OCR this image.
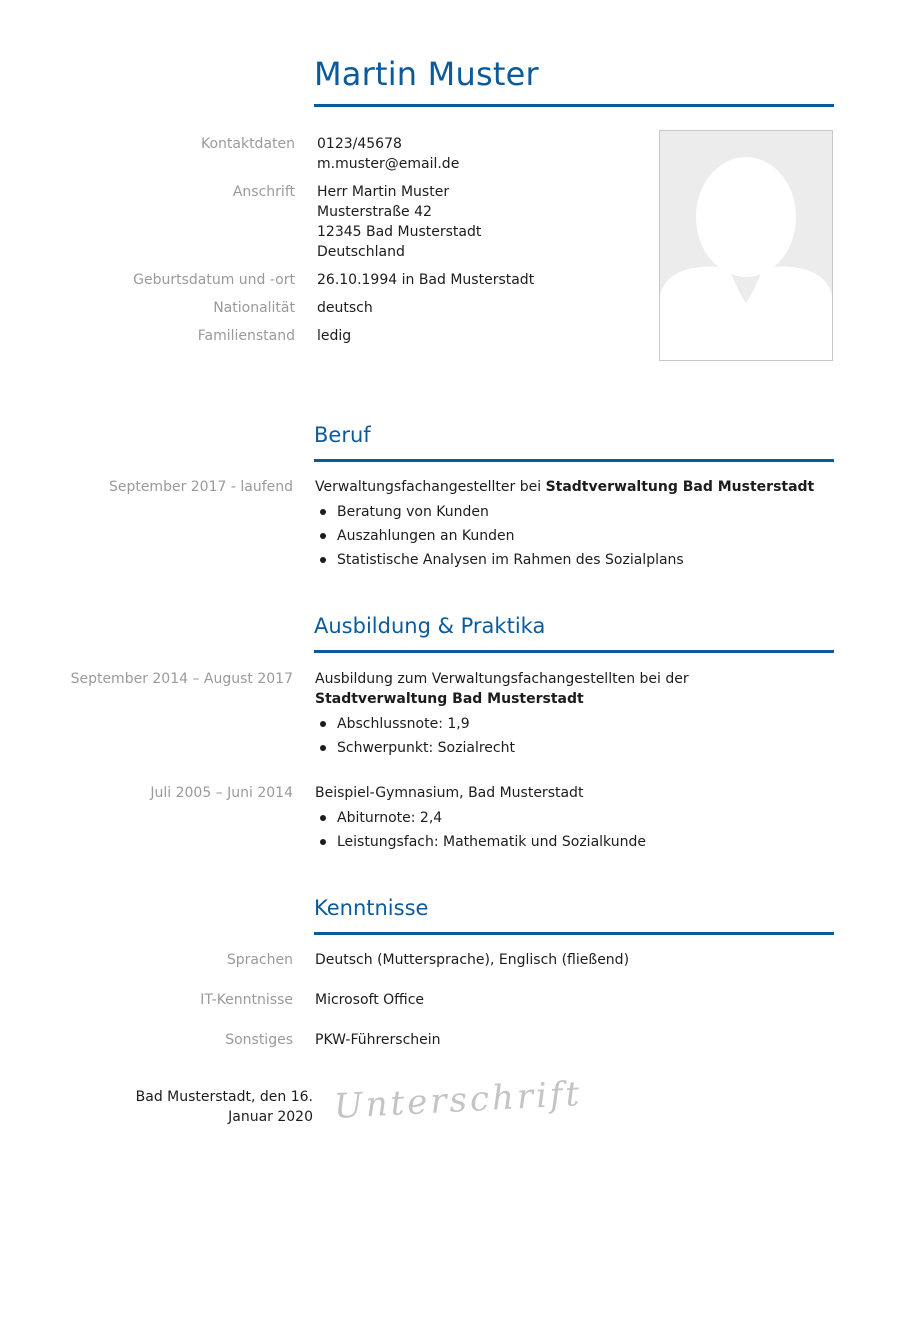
Martin Muster
Kontaktdaten 0123/45678
m.muster@email.de
Anschrift Herr Martin Muster
Musterstraße 42
12345 Bad Musterstadt
Deutschland
Geburtsdatum und -ort 26.10.1994 in Bad Musterstadt
Nationalität deutsch
Familienstand ledig
Beruf
September 2017 - laufend Verwaltungsfachangestellter bei Stadtverwaltung Bad Musterstadt
Beratung von Kunden
Auszahlungen an Kunden
Statistische Analysen im Rahmen des Sozialplans
Ausbildung & Praktika
September 2014 – August 2017 Ausbildung zum Verwaltungsfachangestellten bei der Stadtverwaltung Bad Musterstadt
Abschlussnote: 1,9
Schwerpunkt: Sozialrecht
Juli 2005 – Juni 2014 Beispiel-Gymnasium, Bad Musterstadt
Abiturnote: 2,4
Leistungsfach: Mathematik und Sozialkunde
Kenntnisse
Sprachen Deutsch (Muttersprache), Englisch (fließend)
IT-Kenntnisse Microsoft Office
Sonstiges PKW-Führerschein
Bad Musterstadt, den 16. Januar 2020 Unterschrift
